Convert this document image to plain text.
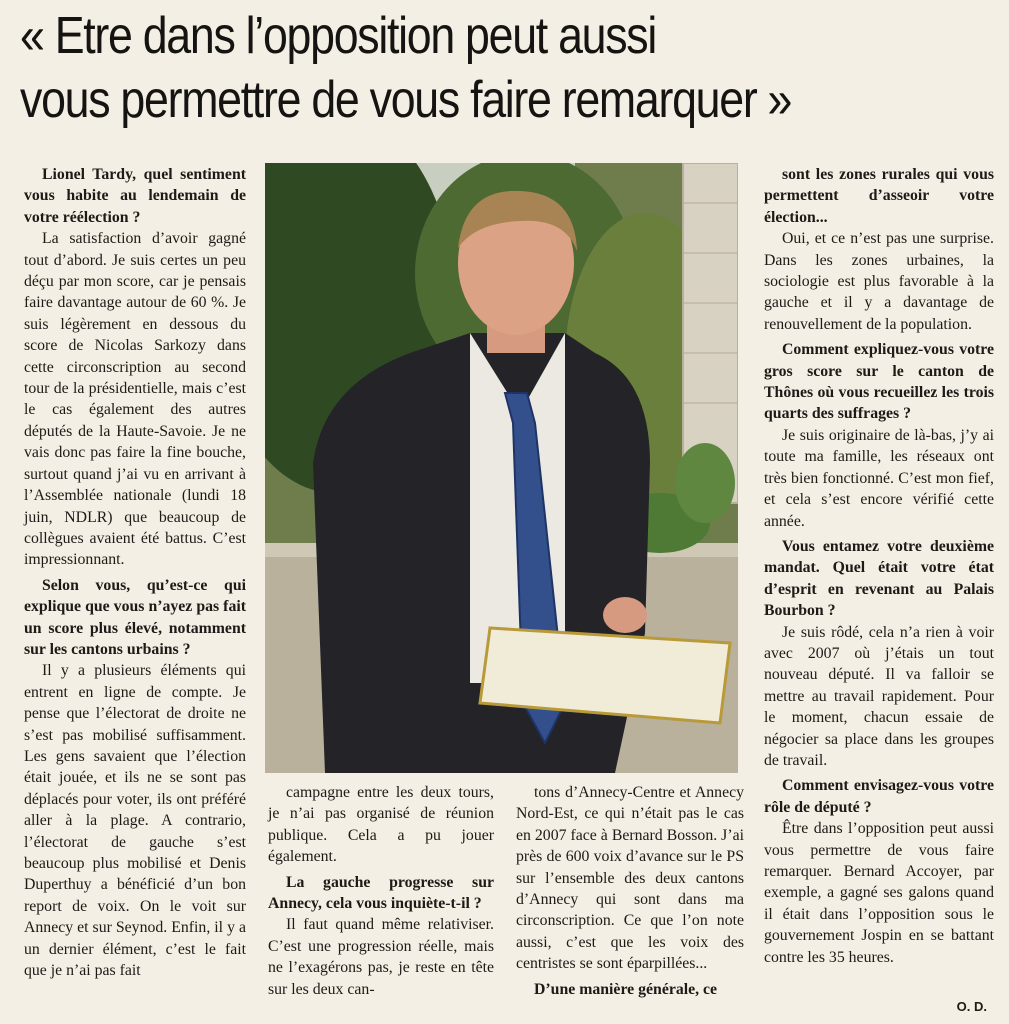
« Etre dans l’opposition peut aussi
vous permettre de vous faire remarquer »

Lionel Tardy, quel sentiment vous habite au lendemain de votre réélection ?

La satisfaction d’avoir gagné tout d’abord. Je suis certes un peu déçu par mon score, car je pensais faire davantage autour de 60 %. Je suis légèrement en dessous du score de Nicolas Sarkozy dans cette circonscription au second tour de la présidentielle, mais c’est le cas également des autres députés de la Haute-Savoie. Je ne vais donc pas faire la fine bouche, surtout quand j’ai vu en arrivant à l’Assemblée nationale (lundi 18 juin, NDLR) que beaucoup de collègues avaient été battus. C’est impressionnant.

Selon vous, qu’est-ce qui explique que vous n’ayez pas fait un score plus élevé, notamment sur les cantons urbains ?

Il y a plusieurs éléments qui entrent en ligne de compte. Je pense que l’électorat de droite ne s’est pas mobilisé suffisamment. Les gens savaient que l’élection était jouée, et ils ne se sont pas déplacés pour voter, ils ont préféré aller à la plage. A contrario, l’électorat de gauche s’est beaucoup plus mobilisé et Denis Duperthuy a bénéficié d’un bon report de voix. On le voit sur Annecy et sur Seynod. Enfin, il y a un dernier élément, c’est le fait que je n’ai pas fait

campagne entre les deux tours, je n’ai pas organisé de réunion publique. Cela a pu jouer également.

La gauche progresse sur Annecy, cela vous inquiète-t-il ?

Il faut quand même relativiser. C’est une progression réelle, mais ne l’exagérons pas, je reste en tête sur les deux can-

tons d’Annecy-Centre et Annecy Nord-Est, ce qui n’était pas le cas en 2007 face à Bernard Bosson. J’ai près de 600 voix d’avance sur le PS sur l’ensemble des deux cantons d’Annecy qui sont dans ma circonscription. Ce que l’on note aussi, c’est que les voix des centristes se sont éparpillées...

D’une manière générale, ce

sont les zones rurales qui vous permettent d’asseoir votre élection...

Oui, et ce n’est pas une surprise. Dans les zones urbaines, la sociologie est plus favorable à la gauche et il y a davantage de renouvellement de la population.

Comment expliquez-vous votre gros score sur le canton de Thônes où vous recueillez les trois quarts des suffrages ?

Je suis originaire de là-bas, j’y ai toute ma famille, les réseaux ont très bien fonctionné. C’est mon fief, et cela s’est encore vérifié cette année.

Vous entamez votre deuxième mandat. Quel était votre état d’esprit en revenant au Palais Bourbon ?

Je suis rôdé, cela n’a rien à voir avec 2007 où j’étais un tout nouveau député. Il va falloir se mettre au travail rapidement. Pour le moment, chacun essaie de négocier sa place dans les groupes de travail.

Comment envisagez-vous votre rôle de député ?

Être dans l’opposition peut aussi vous permettre de vous faire remarquer. Bernard Accoyer, par exemple, a gagné ses galons quand il était dans l’opposition sous le gouvernement Jospin en se battant contre les 35 heures.

O. D.
